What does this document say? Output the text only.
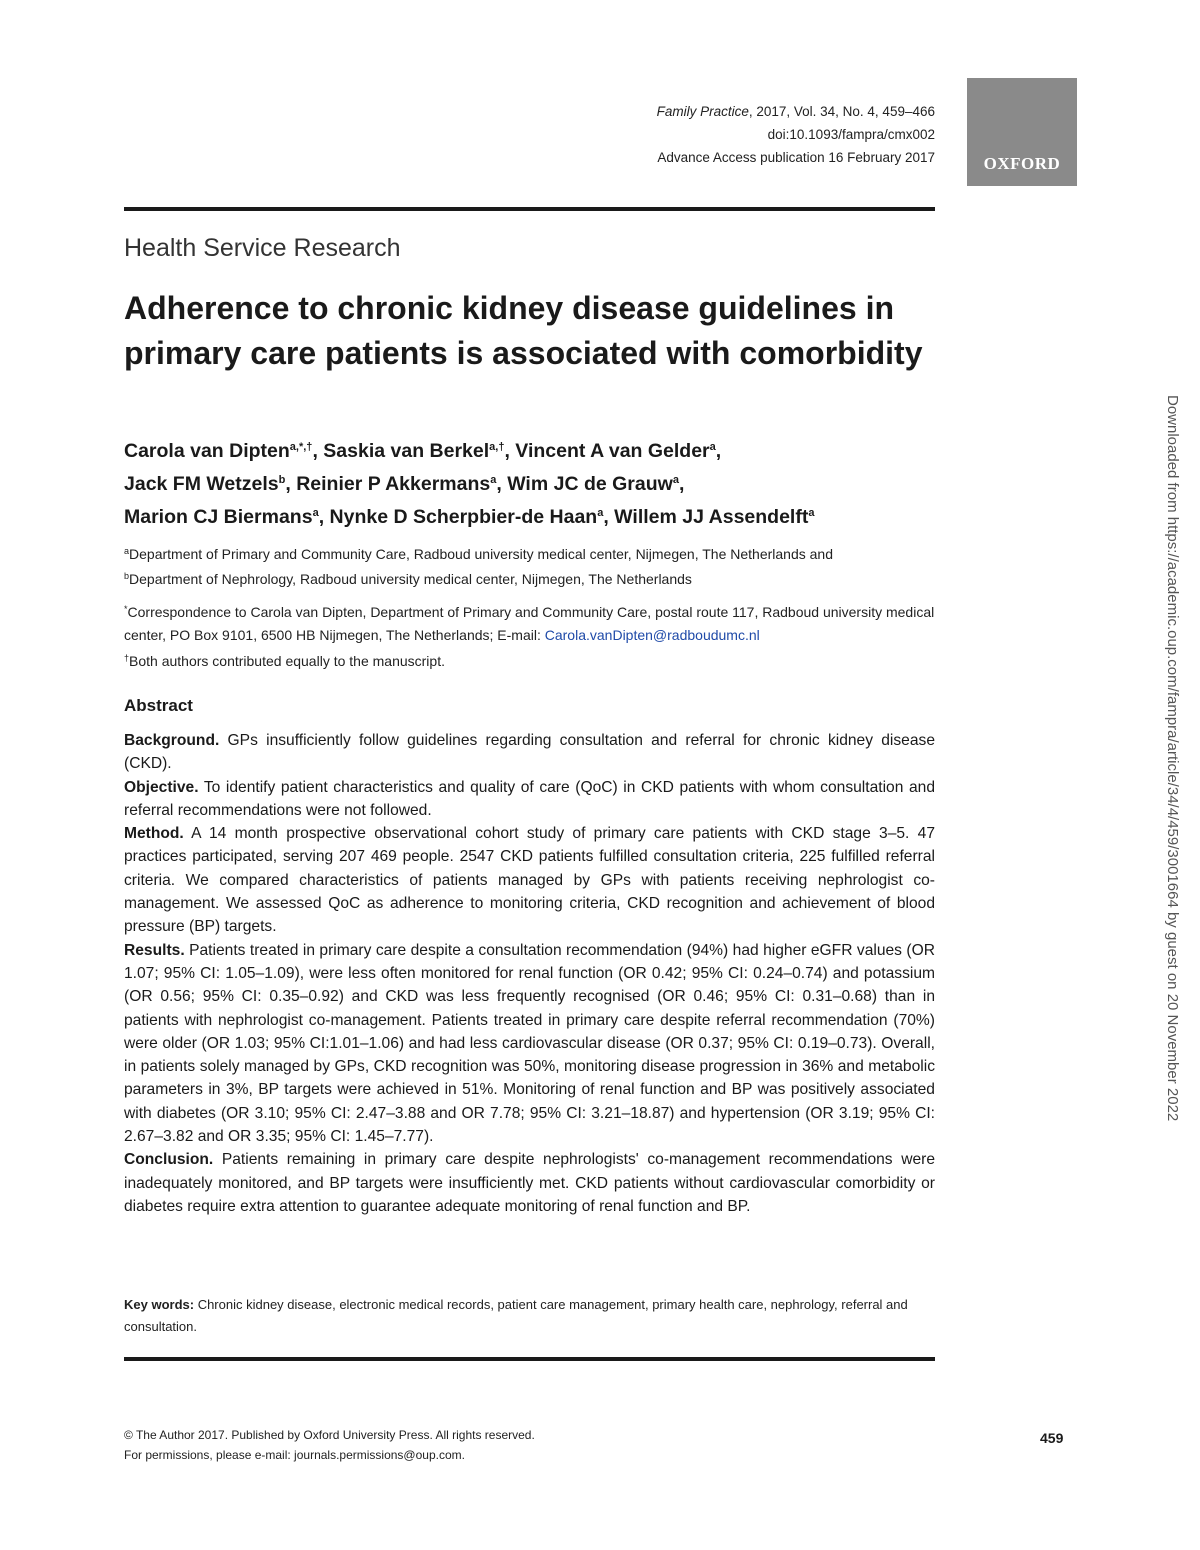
Family Practice, 2017, Vol. 34, No. 4, 459–466
doi:10.1093/fampra/cmx002
Advance Access publication 16 February 2017	OXFORD
Health Service Research
Adherence to chronic kidney disease guidelines in primary care patients is associated with comorbidity
Carola van Dipten$^{a,*,\dagger}$, Saskia van Berkel$^{a,\dagger}$, Vincent A van Gelder$^a$,
Jack FM Wetzels$^b$, Reinier P Akkermans$^a$, Wim JC de Grauw$^a$,
Marion CJ Biermans$^a$, Nynke D Scherpbier-de Haan$^a$, Willem JJ Assendelft$^a$
$^a$Department of Primary and Community Care, Radboud university medical center, Nijmegen, The Netherlands and
$^b$Department of Nephrology, Radboud university medical center, Nijmegen, The Netherlands
*Correspondence to Carola van Dipten, Department of Primary and Community Care, postal route 117, Radboud university medical center, PO Box 9101, 6500 HB Nijmegen, The Netherlands; E-mail: Carola.vanDipten@radboudumc.nl
†Both authors contributed equally to the manuscript.
Abstract

Background. GPs insufficiently follow guidelines regarding consultation and referral for chronic kidney disease (CKD).

Objective. To identify patient characteristics and quality of care (QoC) in CKD patients with whom consultation and referral recommendations were not followed.

Method. A 14 month prospective observational cohort study of primary care patients with CKD stage 3–5. 47 practices participated, serving 207 469 people. 2547 CKD patients fulfilled consultation criteria, 225 fulfilled referral criteria. We compared characteristics of patients managed by GPs with patients receiving nephrologist co-management. We assessed QoC as adherence to monitoring criteria, CKD recognition and achievement of blood pressure (BP) targets.

Results. Patients treated in primary care despite a consultation recommendation (94%) had higher eGFR values (OR 1.07; 95% CI: 1.05–1.09), were less often monitored for renal function (OR 0.42; 95% CI: 0.24–0.74) and potassium (OR 0.56; 95% CI: 0.35–0.92) and CKD was less frequently recognised (OR 0.46; 95% CI: 0.31–0.68) than in patients with nephrologist co-management. Patients treated in primary care despite referral recommendation (70%) were older (OR 1.03; 95% CI:1.01–1.06) and had less cardiovascular disease (OR 0.37; 95% CI: 0.19–0.73). Overall, in patients solely managed by GPs, CKD recognition was 50%, monitoring disease progression in 36% and metabolic parameters in 3%, BP targets were achieved in 51%. Monitoring of renal function and BP was positively associated with diabetes (OR 3.10; 95% CI: 2.47–3.88 and OR 7.78; 95% CI: 3.21–18.87) and hypertension (OR 3.19; 95% CI: 2.67–3.82 and OR 3.35; 95% CI: 1.45–7.77).

Conclusion. Patients remaining in primary care despite nephrologists' co-management recommendations were inadequately monitored, and BP targets were insufficiently met. CKD patients without cardiovascular comorbidity or diabetes require extra attention to guarantee adequate monitoring of renal function and BP.

Key words: Chronic kidney disease, electronic medical records, patient care management, primary health care, nephrology, referral and consultation.
© The Author 2017. Published by Oxford University Press. All rights reserved.
For permissions, please e-mail: journals.permissions@oup.com.
459
Downloaded from https://academic.oup.com/fampra/article/34/4/459/3001664 by guest on 20 November 2022
